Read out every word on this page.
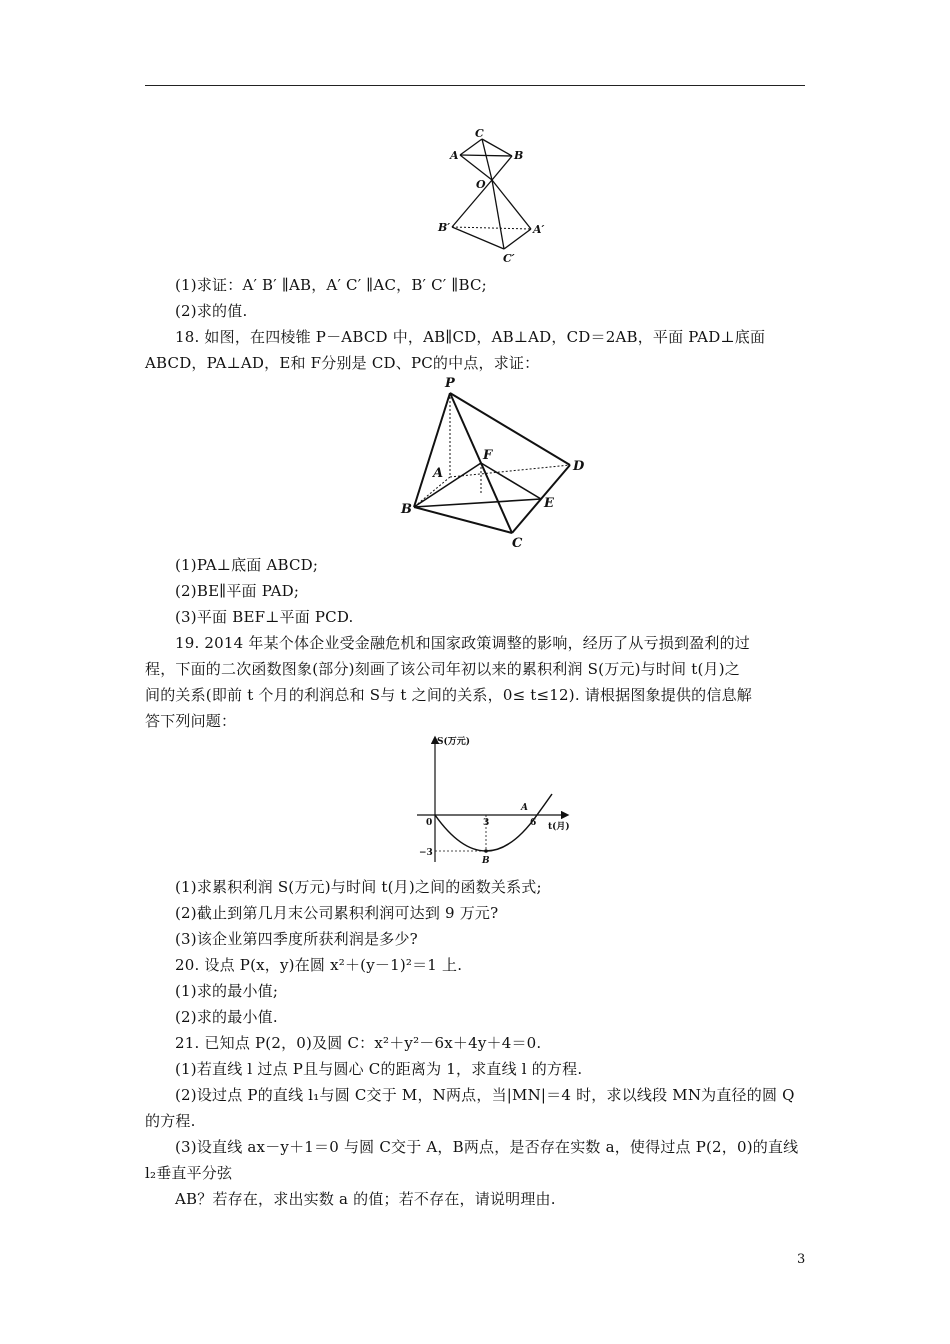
C
A	B
O
B′	A′
C′
(1)求证：A′ B′ ∥AB，A′ C′ ∥AC，B′ C′ ∥BC;
(2)求的值.
18. 如图，在四棱锥 P－ABCD 中，AB∥CD，AB⊥AD，CD＝2AB，平面 PAD⊥底面
ABCD，PA⊥AD，E和 F分别是 CD、PC的中点，求证：
P
A
F
D
B	E
C
(1)PA⊥底面 ABCD;
(2)BE∥平面 PAD;
(3)平面 BEF⊥平面 PCD.
19. 2014 年某个体企业受金融危机和国家政策调整的影响，经历了从亏损到盈利的过
程，下面的二次函数图象(部分)刻画了该公司年初以来的累积利润 S(万元)与时间 t(月)之
间的关系(即前 t 个月的利润总和 S与 t 之间的关系，0≤ t≤12). 请根据图象提供的信息解
答下列问题：
S(万元)
t(月)
0	3	6
−3
A
B
(1)求累积利润 S(万元)与时间 t(月)之间的函数关系式;
(2)截止到第几月末公司累积利润可达到 9 万元?
(3)该企业第四季度所获利润是多少?
20. 设点 P(x，y)在圆 x²＋(y－1)²＝1 上.
(1)求的最小值;
(2)求的最小值.
21. 已知点 P(2，0)及圆 C：x²＋y²－6x＋4y＋4＝0.
(1)若直线 l 过点 P且与圆心 C的距离为 1，求直线 l 的方程.
(2)设过点 P的直线 l₁与圆 C交于 M，N两点，当|MN|＝4 时，求以线段 MN为直径的圆 Q
的方程.
(3)设直线 ax－y＋1＝0 与圆 C交于 A，B两点，是否存在实数 a，使得过点 P(2，0)的直线
l₂垂直平分弦
AB？若存在，求出实数 a 的值；若不存在，请说明理由.
3
